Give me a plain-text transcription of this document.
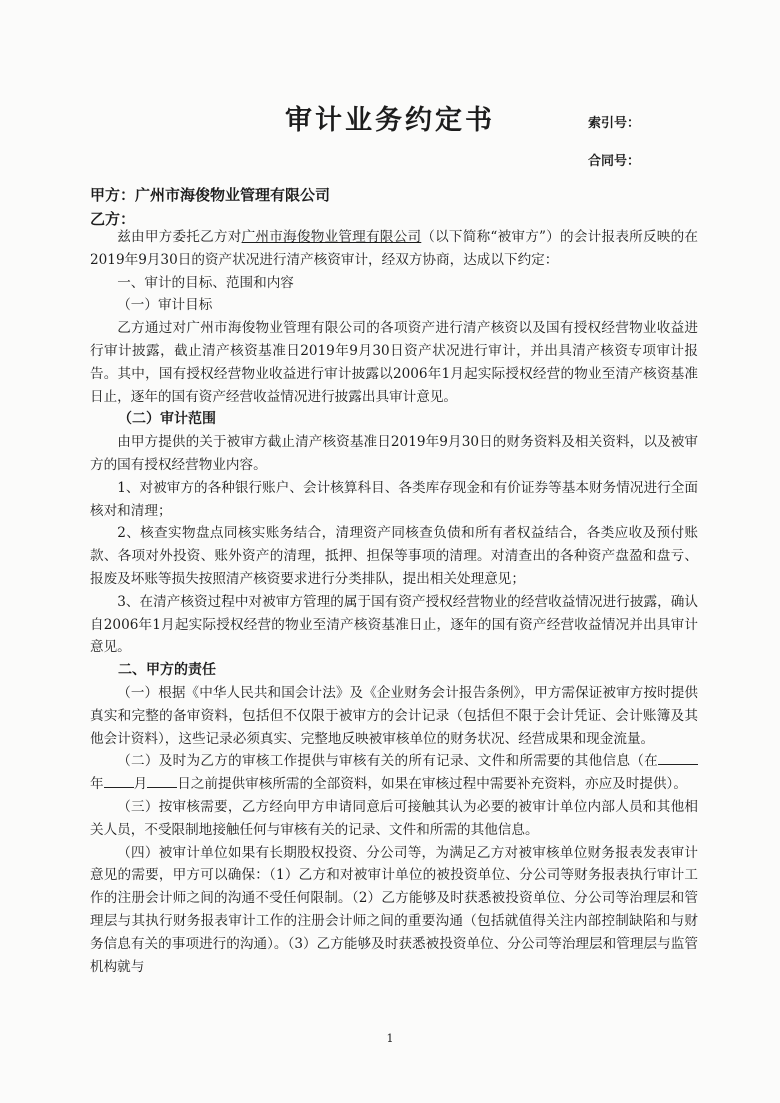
审计业务约定书	索引号：
合同号：
甲方：广州市海俊物业管理有限公司
乙方：

兹由甲方委托乙方对广州市海俊物业管理有限公司（以下简称“被审方”）的会计报表所反映的在2019年9月30日的资产状况进行清产核资审计，经双方协商，达成以下约定：

一、审计的目标、范围和内容

（一）审计目标

乙方通过对广州市海俊物业管理有限公司的各项资产进行清产核资以及国有授权经营物业收益进行审计披露，截止清产核资基准日2019年9月30日资产状况进行审计，并出具清产核资专项审计报告。其中，国有授权经营物业收益进行审计披露以2006年1月起实际授权经营的物业至清产核资基准日止，逐年的国有资产经营收益情况进行披露出具审计意见。

（二）审计范围

由甲方提供的关于被审方截止清产核资基准日2019年9月30日的财务资料及相关资料，以及被审方的国有授权经营物业内容。

1、对被审方的各种银行账户、会计核算科目、各类库存现金和有价证券等基本财务情况进行全面核对和清理；

2、核查实物盘点同核实账务结合，清理资产同核查负债和所有者权益结合，各类应收及预付账款、各项对外投资、账外资产的清理，抵押、担保等事项的清理。对清查出的各种资产盘盈和盘亏、报废及坏账等损失按照清产核资要求进行分类排队，提出相关处理意见；

3、在清产核资过程中对被审方管理的属于国有资产授权经营物业的经营收益情况进行披露，确认自2006年1月起实际授权经营的物业至清产核资基准日止，逐年的国有资产经营收益情况并出具审计意见。

二、甲方的责任

（一）根据《中华人民共和国会计法》及《企业财务会计报告条例》，甲方需保证被审方按时提供真实和完整的备审资料，包括但不仅限于被审方的会计记录（包括但不限于会计凭证、会计账簿及其他会计资料），这些记录必须真实、完整地反映被审核单位的财务状况、经营成果和现金流量。

（二）及时为乙方的审核工作提供与审核有关的所有记录、文件和所需要的其他信息（在年 月 日之前提供审核所需的全部资料，如果在审核过程中需要补充资料，亦应及时提供）。

（三）按审核需要，乙方经向甲方申请同意后可接触其认为必要的被审计单位内部人员和其他相关人员，不受限制地接触任何与审核有关的记录、文件和所需的其他信息。

（四）被审计单位如果有长期股权投资、分公司等，为满足乙方对被审核单位财务报表发表审计意见的需要，甲方可以确保：（1）乙方和对被审计单位的被投资单位、分公司等财务报表执行审计工作的注册会计师之间的沟通不受任何限制。（2）乙方能够及时获悉被投资单位、分公司等治理层和管理层与其执行财务报表审计工作的注册会计师之间的重要沟通（包括就值得关注内部控制缺陷和与财务信息有关的事项进行的沟通）。（3）乙方能够及时获悉被投资单位、分公司等治理层和管理层与监管机构就与

1
